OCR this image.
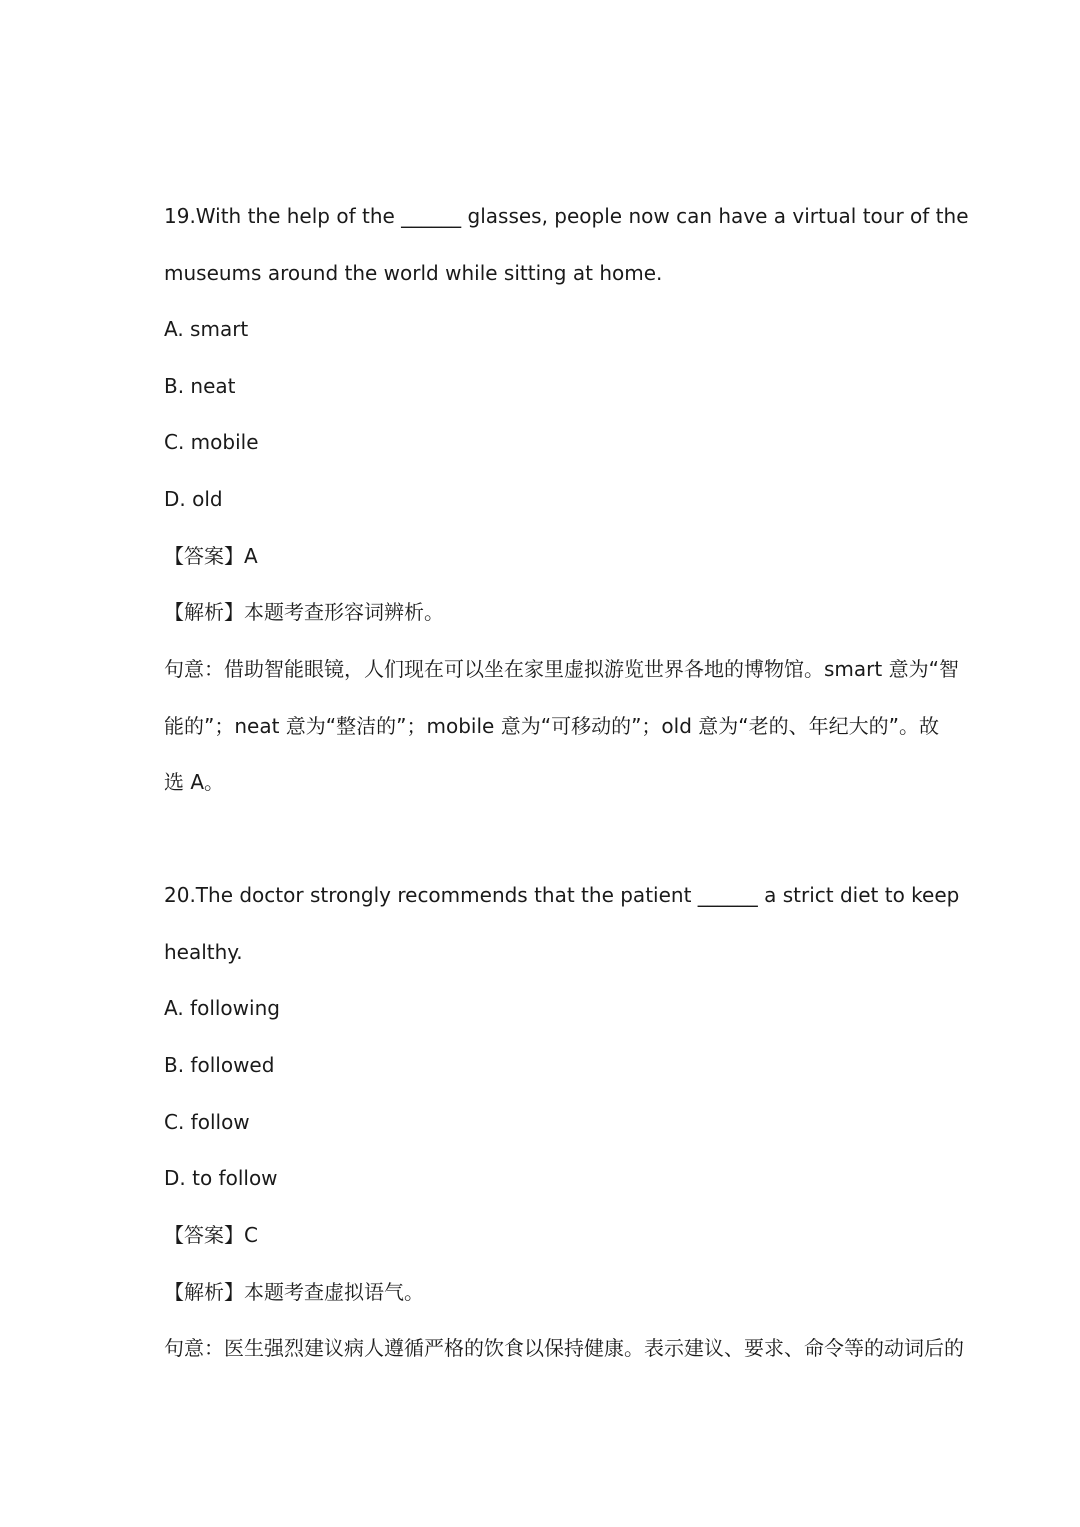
19.With the help of the ______ glasses, people now can have a virtual tour of the
museums around the world while sitting at home.
A. smart
B. neat
C. mobile
D. old
【答案】A
【解析】本题考查形容词辨析。
句意：借助智能眼镜，人们现在可以坐在家里虚拟游览世界各地的博物馆。smart 意为“智
能的”；neat 意为“整洁的”；mobile 意为“可移动的”；old 意为“老的、年纪大的”。故
选 A。
20.The doctor strongly recommends that the patient ______ a strict diet to keep
healthy.
A. following
B. followed
C. follow
D. to follow
【答案】C
【解析】本题考查虚拟语气。
句意：医生强烈建议病人遵循严格的饮食以保持健康。表示建议、要求、命令等的动词后的
